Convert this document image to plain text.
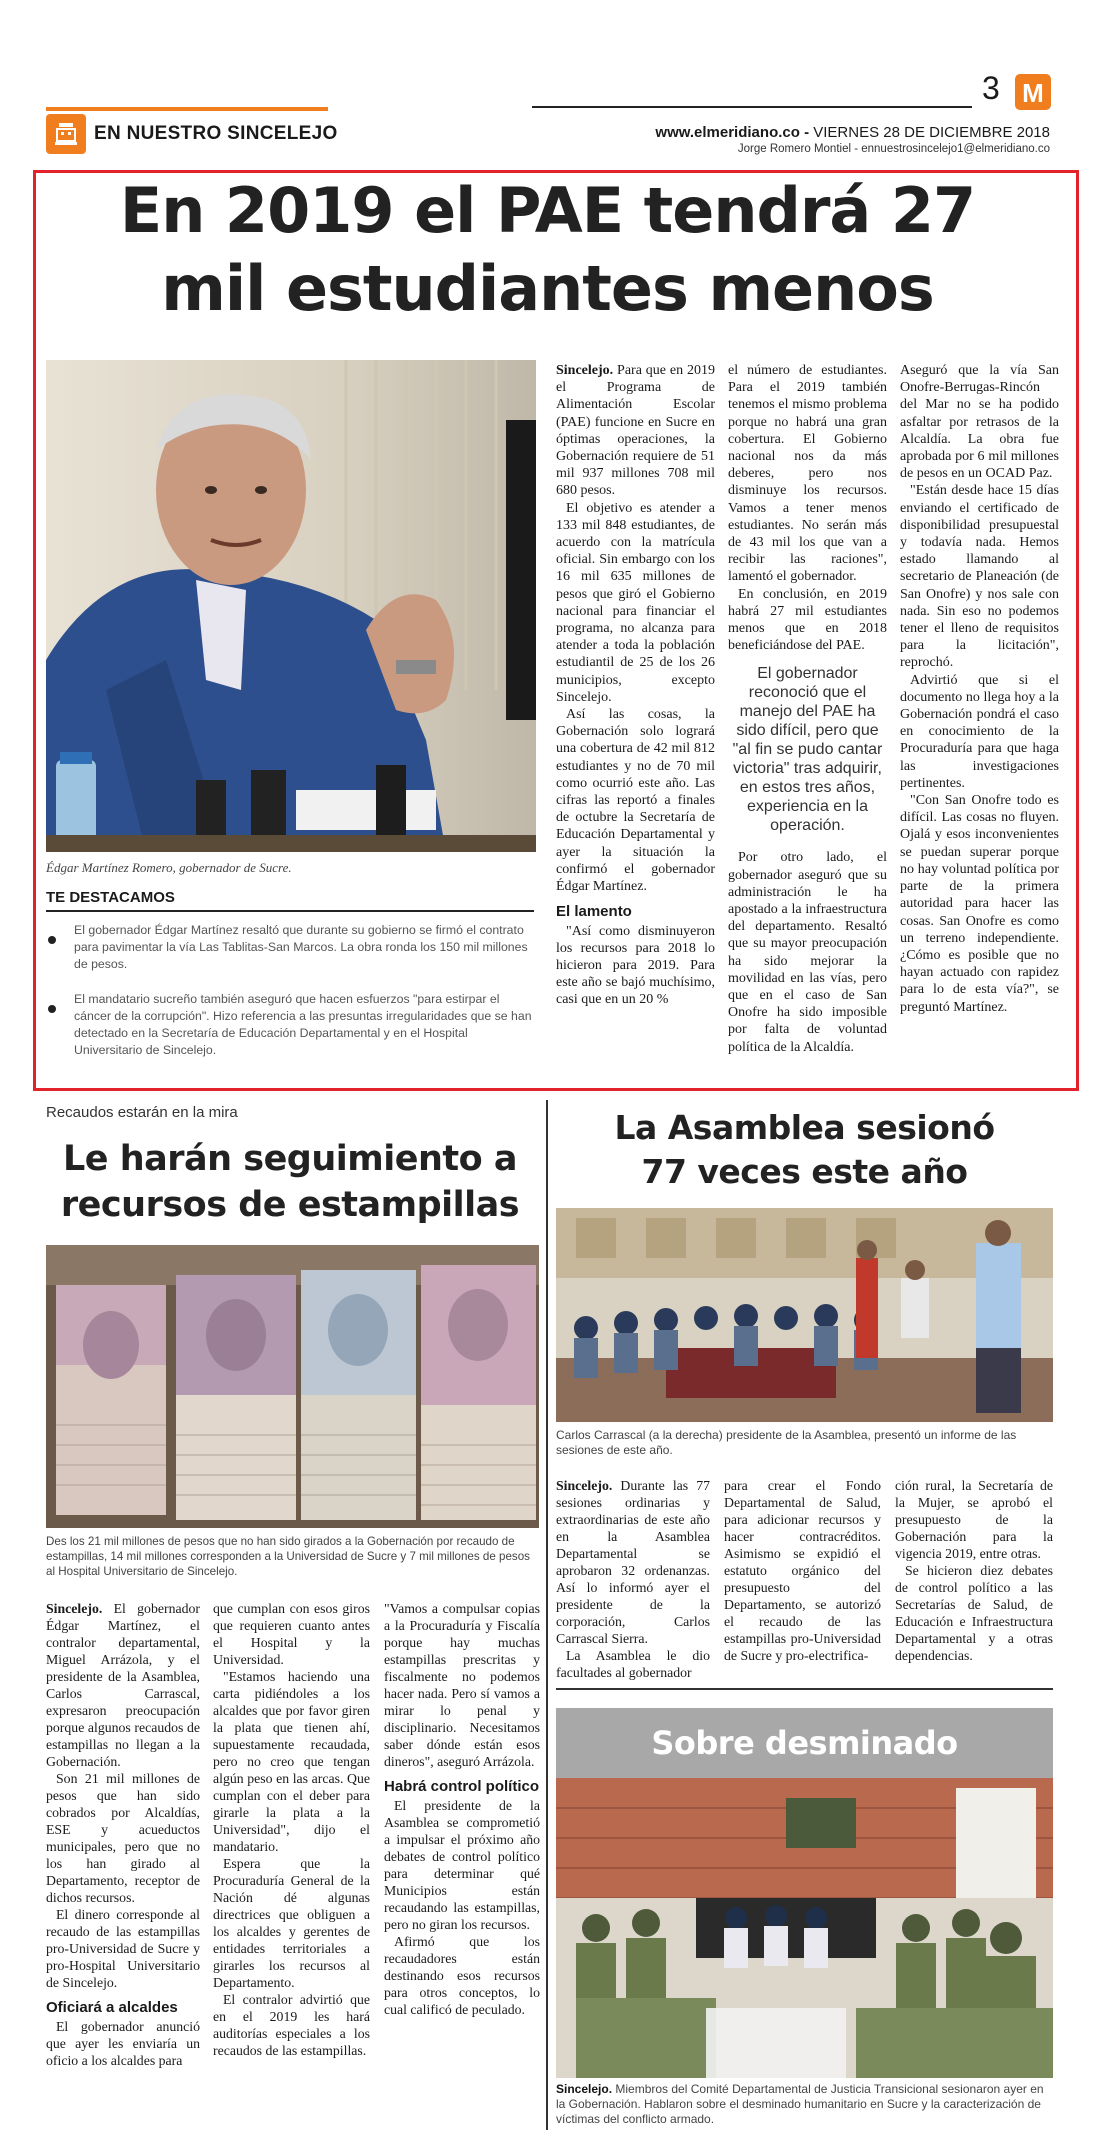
EN NUESTRO SINCELEJO
3 M
www.elmeridiano.co - VIERNES 28 DE DICIEMBRE 2018
Jorge Romero Montiel - ennuestrosincelejo1@elmeridiano.co
En 2019 el PAE tendrá 27
mil estudiantes menos
Édgar Martínez Romero, gobernador de Sucre.
TE DESTACAMOS
El gobernador Édgar Martínez resaltó que durante su gobierno se firmó el contrato para pavimentar la vía Las Tablitas-San Marcos. La obra ronda los 150 mil millones de pesos.
El mandatario sucreño también aseguró que hacen esfuerzos "para estirpar el cáncer de la corrupción". Hizo referencia a las presuntas irregularidades que se han detectado en la Secretaría de Educación Departamental y en el Hospital Universitario de Sincelejo.

Sincelejo. Para que en 2019 el Programa de Alimentación Escolar (PAE) funcione en Sucre en óptimas operaciones, la Gobernación requiere de 51 mil 937 millones 708 mil 680 pesos.

El objetivo es atender a 133 mil 848 estudiantes, de acuerdo con la matrícula oficial. Sin embargo con los 16 mil 635 millones de pesos que giró el Gobierno nacional para financiar el programa, no alcanza para atender a toda la población estudiantil de 25 de los 26 municipios, excepto Sincelejo.

Así las cosas, la Gobernación solo logrará una cobertura de 42 mil 812 estudiantes y no de 70 mil como ocurrió este año. Las cifras las reportó a finales de octubre la Secretaría de Educación Departamental y ayer la situación la confirmó el gobernador Édgar Martínez.

El lamento

"Así como disminuyeron los recursos para 2018 lo hicieron para 2019. Para este año se bajó muchísimo, casi que en un 20 %

el número de estudiantes. Para el 2019 también tenemos el mismo problema porque no habrá una gran cobertura. El Gobierno nacional nos da más deberes, pero nos disminuye los recursos. Vamos a tener menos estudiantes. No serán más de 43 mil los que van a recibir las raciones", lamentó el gobernador.

En conclusión, en 2019 habrá 27 mil estudiantes menos que en 2018 beneficiándose del PAE.

El gobernador reconoció que el manejo del PAE ha sido difícil, pero que "al fin se pudo cantar victoria" tras adquirir, en estos tres años, experiencia en la operación.

Por otro lado, el gobernador aseguró que su administración le ha apostado a la infraestructura del departamento. Resaltó que su mayor preocupación ha sido mejorar la movilidad en las vías, pero que en el caso de San Onofre ha sido imposible por falta de voluntad política de la Alcaldía.

Aseguró que la vía San Onofre-Berrugas-Rincón del Mar no se ha podido asfaltar por retrasos de la Alcaldía. La obra fue aprobada por 6 mil millones de pesos en un OCAD Paz.

"Están desde hace 15 días enviando el certificado de disponibilidad presupuestal y todavía nada. Hemos estado llamando al secretario de Planeación (de San Onofre) y nos sale con nada. Sin eso no podemos tener el lleno de requisitos para la licitación", reprochó.

Advirtió que si el documento no llega hoy a la Gobernación pondrá el caso en conocimiento de la Procuraduría para que haga las investigaciones pertinentes.

"Con San Onofre todo es difícil. Las cosas no fluyen. Ojalá y esos inconvenientes se puedan superar porque no hay voluntad política por parte de la primera autoridad para hacer las cosas. San Onofre es como un terreno independiente. ¿Cómo es posible que no hayan actuado con rapidez para lo de esta vía?", se preguntó Martínez.

Recaudos estarán en la mira
Le harán seguimiento a
recursos de estampillas
Des los 21 mil millones de pesos que no han sido girados a la Gobernación por recaudo de estampillas, 14 mil millones corresponden a la Universidad de Sucre y 7 mil millones de pesos al Hospital Universitario de Sincelejo.

Sincelejo. El gobernador Édgar Martínez, el contralor departamental, Miguel Arrázola, y el presidente de la Asamblea, Carlos Carrascal, expresaron preocupación porque algunos recaudos de estampillas no llegan a la Gobernación.

Son 21 mil millones de pesos que han sido cobrados por Alcaldías, ESE y acueductos municipales, pero que no los han girado al Departamento, receptor de dichos recursos.

El dinero corresponde al recaudo de las estampillas pro-Universidad de Sucre y pro-Hospital Universitario de Sincelejo.

Oficiará a alcaldes

El gobernador anunció que ayer les enviaría un oficio a los alcaldes para

que cumplan con esos giros que requieren cuanto antes el Hospital y la Universidad.

"Estamos haciendo una carta pidiéndoles a los alcaldes que por favor giren la plata que tienen ahí, supuestamente recaudada, pero no creo que tengan algún peso en las arcas. Que cumplan con el deber para girarle la plata a la Universidad", dijo el mandatario.

Espera que la Procuraduría General de la Nación dé algunas directrices que obliguen a los alcaldes y gerentes de entidades territoriales a girarles los recursos al Departamento.

El contralor advirtió que en el 2019 les hará auditorías especiales a los recaudos de las estampillas.

"Vamos a compulsar copias a la Procuraduría y Fiscalía porque hay muchas estampillas prescritas y fiscalmente no podemos hacer nada. Pero sí vamos a mirar lo penal y disciplinario. Necesitamos saber dónde están esos dineros", aseguró Arrázola.

Habrá control político

El presidente de la Asamblea se comprometió a impulsar el próximo año debates de control político para determinar qué Municipios están recaudando las estampillas, pero no giran los recursos.

Afirmó que los recaudadores están destinando esos recursos para otros conceptos, lo cual calificó de peculado.

La Asamblea sesionó
77 veces este año
Carlos Carrascal (a la derecha) presidente de la Asamblea, presentó un informe de las sesiones de este año.

Sincelejo. Durante las 77 sesiones ordinarias y extraordinarias de este año en la Asamblea Departamental se aprobaron 32 ordenanzas. Así lo informó ayer el presidente de la corporación, Carlos Carrascal Sierra.

La Asamblea le dio facultades al gobernador

para crear el Fondo Departamental de Salud, para adicionar recursos y hacer contracréditos. Asimismo se expidió el estatuto orgánico del presupuesto del Departamento, se autorizó el recaudo de las estampillas pro-Universidad de Sucre y pro-electrifica-

ción rural, la Secretaría de la Mujer, se aprobó el presupuesto de la Gobernación para la vigencia 2019, entre otras.

Se hicieron diez debates de control político a las Secretarías de Salud, de Educación e Infraestructura Departamental y a otras dependencias.

Sobre desminado
Sincelejo. Miembros del Comité Departamental de Justicia Transicional sesionaron ayer en la Gobernación. Hablaron sobre el desminado humanitario en Sucre y la caracterización de víctimas del conflicto armado.
